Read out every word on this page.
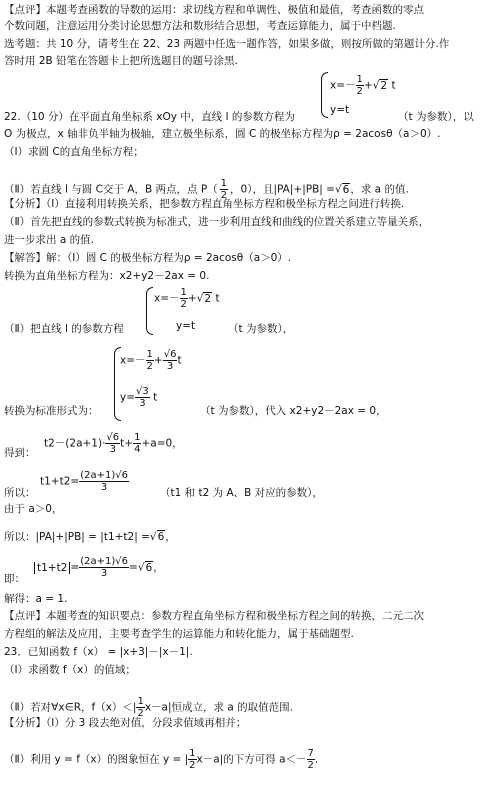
【点评】本题考查函数的导数的运用：求切线方程和单调性、极值和最值，考查函数的零点
个数问题，注意运用分类讨论思想方法和数形结合思想，考查运算能力，属于中档题.
选考题：共 10 分，请考生在 22、23 两题中任选一题作答，如果多做，则按所做的第题计分.作
答时用 2B 铅笔在答题卡上把所选题目的题号涂黑.
$x=- \frac{1}{2} +√2$ t
y=t
22.（10 分）在平面直角坐标系 xOy 中，直线 l 的参数方程为	（t 为参数），以
O 为极点，x 轴非负半轴为极轴，建立极坐标系，圆 C 的极坐标方程为ρ = 2acosθ（a＞0）.
（Ⅰ）求圆 C的直角坐标方程；
（Ⅱ）若直线 l 与圆 C交于 A，B 两点，点 $P( \frac{1}{2}$ ，0），且|PA|+|PB| =√6，求 a 的值.
【分析】（Ⅰ）直接利用转换关系，把参数方程直角坐标方程和极坐标方程之间进行转换.
（Ⅱ）首先把直线的参数式转换为标准式，进一步利用直线和曲线的位置关系建立等量关系，
进一步求出 a 的值.
【解答】解：（Ⅰ）圆 C 的极坐标方程为ρ = 2acosθ（a＞0）.
转换为直角坐标方程为：x2+y2－2ax = 0.
$x=- \frac{1}{2} +√2$ t
y=t
（Ⅱ）把直线 l 的参数方程	（t 为参数），
$x=- \frac{1}{2} + \frac{√6}{3}$ t
$y= \frac{√3}{3}$ t
转换为标准形式为：	（t 为参数），代入 x2+y2－2ax = 0，
得到：
$t2-(2a+1)\cdot \frac{√6}{3} t+ \frac{1}{4} +a=0$，
所以：
$t1+t2= \frac{(2a+1)√6}{3}$	（t1 和 t2 为 A、B 对应的参数），
由于 a＞0，
所以：|PA|+|PB| = |t1+t2| =√6，
即：
$t1+t2 = \frac{(2a+1)√6}{3} =√6$，
解得：a = 1.
【点评】本题考查的知识要点：参数方程直角坐标方程和极坐标方程之间的转换，二元二次
方程组的解法及应用，主要考查学生的运算能力和转化能力，属于基础题型.
23．已知函数 f（x） = |x+3|－|x－1|.
（Ⅰ）求函数 f（x）的值域；
（Ⅱ）若对∀x∈R，$f(x)<| \frac{1}{2} x-a|$恒成立，求 a 的取值范围.
【分析】（Ⅰ）分 3 段去绝对值，分段求值域再相并；
（Ⅱ）利用 y = f（x）的图象恒在 y = | $\frac{1}{2} x-a|$的下方可得 $a<- \frac{7}{2}$ .
